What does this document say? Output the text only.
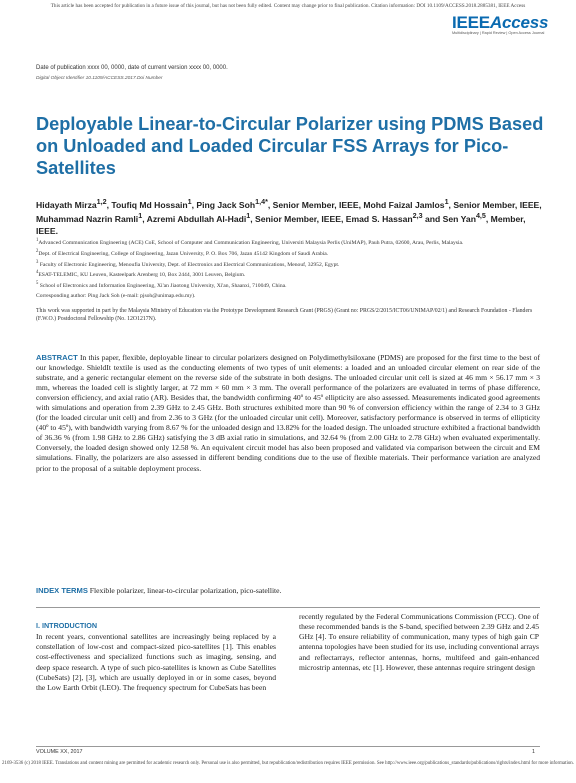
This article has been accepted for publication in a future issue of this journal, but has not been fully edited. Content may change prior to final publication. Citation information: DOI 10.1109/ACCESS.2018.2885381, IEEE Access
IEEEAccess
Multidisciplinary | Rapid Review | Open Access Journal
Date of publication xxxx 00, 0000, date of current version xxxx 00, 0000.
Digital Object Identifier 10.1109/ACCESS.2017.Doi Number
Deployable Linear-to-Circular Polarizer using PDMS Based on Unloaded and Loaded Circular FSS Arrays for Pico-Satellites
Hidayath Mirza$^{1,2}$, Toufiq Md Hossain$^1$, Ping Jack Soh$^{1,4*}$, Senior Member, IEEE, Mohd Faizal Jamlos$^1$, Senior Member, IEEE, Muhammad Nazrin Ramli$^1$, Azremi Abdullah Al-Hadi$^1$, Senior Member, IEEE, Emad S. Hassan$^{2,3}$ and Sen Yan$^{4,5}$, Member, IEEE.
$^1$Advanced Communication Engineering (ACE) CoE, School of Computer and Communication Engineering, Universiti Malaysia Perlis (UniMAP), Pauh Putra, 02600, Arau, Perlis, Malaysia.
$^2$Dept. of Electrical Engineering, College of Engineering, Jazan University, P. O. Box 706, Jazan 45142 Kingdom of Saudi Arabia.
$^3$ Faculty of Electronic Engineering, Menoufia University, Dept. of Electronics and Electrical Communications, Menouf, 32952, Egypt.
$^4$ESAT-TELEMIC, KU Leuven, Kasteelpark Arenberg 10, Box 2444, 3001 Leuven, Belgium.
$^5$ School of Electronics and Information Engineering, Xi'an Jiaotong University, Xi'an, Shaanxi, 710049, China.
Corresponding author: Ping Jack Soh (e-mail: pjsoh@unimap.edu.my).
This work was supported in part by the Malaysia Ministry of Education via the Prototype Development Research Grant (PRGS) (Grant no: PRGS/2/2015/ICT06/UNIMAP/02/1) and Research Foundation - Flanders (F.W.O.) Postdoctoral Fellowship (No. 12O1217N).
ABSTRACT In this paper, flexible, deployable linear to circular polarizers designed on Polydimethylsiloxane (PDMS) are proposed for the first time to the best of our knowledge. ShieldIt textile is used as the conducting elements of two types of unit elements: a loaded and an unloaded circular element on rear side of the substrate, and a generic rectangular element on the reverse side of the substrate in both designs. The unloaded circular unit cell is sized at 46 mm × 56.17 mm × 3 mm, whereas the loaded cell is slightly larger, at 72 mm × 60 mm × 3 mm. The overall performance of the polarizers are evaluated in terms of phase difference, conversion efficiency, and axial ratio (AR). Besides that, the bandwidth confirming 40º to 45º ellipticity are also assessed. Measurements indicated good agreements with simulations and operation from 2.39 GHz to 2.45 GHz. Both structures exhibited more than 90 % of conversion efficiency within the range of 2.34 to 3 GHz (for the loaded circular unit cell) and from 2.36 to 3 GHz (for the unloaded circular unit cell). Moreover, satisfactory performance is observed in terms of ellipticity (40º to 45º), with bandwidth varying from 8.67 % for the unloaded design and 13.82% for the loaded design. The unloaded structure exhibited a fractional bandwidth of 36.36 % (from 1.98 GHz to 2.86 GHz) satisfying the 3 dB axial ratio in simulations, and 32.64 % (from 2.00 GHz to 2.78 GHz) when evaluated experimentally. Conversely, the loaded design showed only 12.58 %. An equivalent circuit model has also been proposed and validated via comparison between the circuit and EM simulations. Finally, the polarizers are also assessed in different bending conditions due to the use of flexible materials. Their performance variation are analyzed prior to the proposal of a suitable deployment process.
INDEX TERMS Flexible polarizer, linear-to-circular polarization, pico-satellite.
I. INTRODUCTION
In recent years, conventional satellites are increasingly being replaced by a constellation of low-cost and compact-sized pico-satellites [1]. This enables cost-effectiveness and specialized functions such as imaging, sensing, and deep space research. A type of such pico-satellites is known as Cube Satellites (CubeSats) [2], [3], which are usually deployed in or in some cases, beyond the Low Earth Orbit (LEO). The frequency spectrum for CubeSats has been
recently regulated by the Federal Communications Commission (FCC). One of these recommended bands is the S-band, specified between 2.39 GHz and 2.45 GHz [4]. To ensure reliability of communication, many types of high gain CP antenna topologies have been studied for its use, including conventional arrays and reflectarrays, reflector antennas, horns, multifeed and gain-enhanced microstrip antennas, etc [1]. However, these antennas require stringent design
VOLUME XX, 2017	1
2169-3536 (c) 2018 IEEE. Translations and content mining are permitted for academic research only. Personal use is also permitted, but republication/redistribution requires IEEE permission. See http://www.ieee.org/publications_standards/publications/rights/index.html for more information.
